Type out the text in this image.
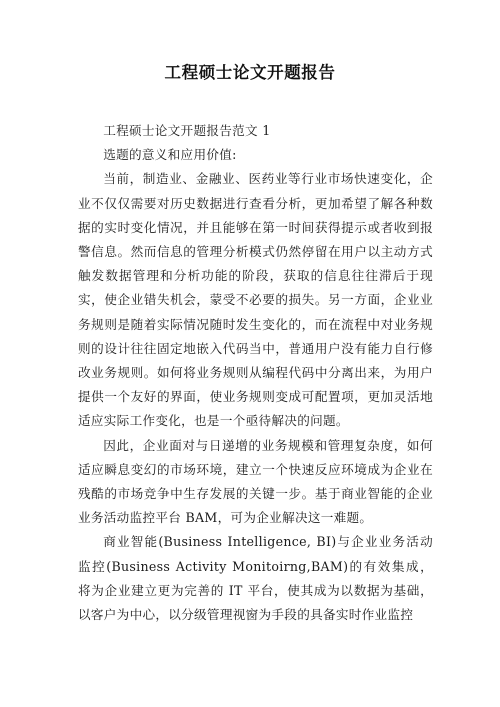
工程硕士论文开题报告

工程硕士论文开题报告范文 1

选题的意义和应用价值:

当前，制造业、金融业、医药业等行业市场快速变化，企业不仅仅需要对历史数据进行查看分析，更加希望了解各种数据的实时变化情况，并且能够在第一时间获得提示或者收到报警信息。然而信息的管理分析模式仍然停留在用户以主动方式触发数据管理和分析功能的阶段，获取的信息往往滞后于现实，使企业错失机会，蒙受不必要的损失。另一方面，企业业务规则是随着实际情况随时发生变化的，而在流程中对业务规则的设计往往固定地嵌入代码当中，普通用户没有能力自行修改业务规则。如何将业务规则从编程代码中分离出来，为用户提供一个友好的界面，使业务规则变成可配置项，更加灵活地适应实际工作变化，也是一个亟待解决的问题。

因此，企业面对与日递增的业务规模和管理复杂度，如何适应瞬息变幻的市场环境，建立一个快速反应环境成为企业在残酷的市场竞争中生存发展的关键一步。基于商业智能的企业业务活动监控平台 BAM，可为企业解决这一难题。

商业智能(Business Intelligence, BI)与企业业务活动监控(Business Activity Monitoirng,BAM)的有效集成，将为企业建立更为完善的 IT 平台，使其成为以数据为基础，以客户为中心，以分级管理视窗为手段的具备实时作业监控
